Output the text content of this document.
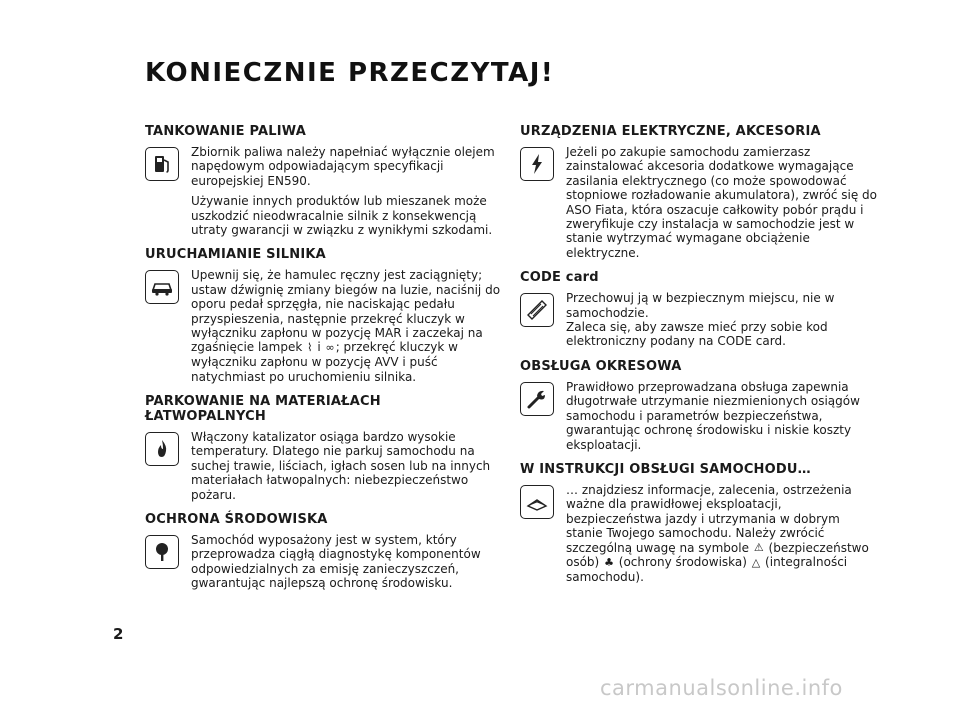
KONIECZNIE PRZECZYTAJ!
TANKOWANIE PALIWA

Zbiornik paliwa należy napełniać wyłącznie olejem napędowym odpowiadającym specyfikacji europejskiej EN590.

Używanie innych produktów lub mieszanek może uszkodzić nieodwracalnie silnik z konsekwencją utraty gwarancji w związku z wynikłymi szkodami.

URUCHAMIANIE SILNIKA

Upewnij się, że hamulec ręczny jest zaciągnięty; ustaw dźwignię zmiany biegów na luzie, naciśnij do oporu pedał sprzęgła, nie naciskając pedału przyspieszenia, następnie przekręć kluczyk w wyłączniku zapłonu w pozycję MAR i zaczekaj na zgaśnięcie lampek ⌇ i ∞; przekręć kluczyk w wyłączniku zapłonu w pozycję AVV i puść natychmiast po uruchomieniu silnika.

PARKOWANIE NA MATERIAŁACH ŁATWOPALNYCH

Włączony katalizator osiąga bardzo wysokie temperatury. Dlatego nie parkuj samochodu na suchej trawie, liściach, igłach sosen lub na innych materiałach łatwopalnych: niebezpieczeństwo pożaru.

OCHRONA ŚRODOWISKA

Samochód wyposażony jest w system, który przeprowadza ciągłą diagnostykę komponentów odpowiedzialnych za emisję zanieczyszczeń, gwarantując najlepszą ochronę środowisku.

URZĄDZENIA ELEKTRYCZNE, AKCESORIA

Jeżeli po zakupie samochodu zamierzasz zainstalować akcesoria dodatkowe wymagające zasilania elektrycznego (co może spowodować stopniowe rozładowanie akumulatora), zwróć się do ASO Fiata, która oszacuje całkowity pobór prądu i zweryfikuje czy instalacja w samochodzie jest w stanie wytrzymać wymagane obciążenie elektryczne.

CODE card

Przechowuj ją w bezpiecznym miejscu, nie w samochodzie.

Zaleca się, aby zawsze mieć przy sobie kod elektroniczny podany na CODE card.

OBSŁUGA OKRESOWA

Prawidłowo przeprowadzana obsługa zapewnia długotrwałe utrzymanie niezmienionych osiągów samochodu i parametrów bezpieczeństwa, gwarantując ochronę środowisku i niskie koszty eksploatacji.

W INSTRUKCJI OBSŁUGI SAMOCHODU…

… znajdziesz informacje, zalecenia, ostrzeżenia ważne dla prawidłowej eksploatacji, bezpieczeństwa jazdy i utrzymania w dobrym stanie Twojego samochodu. Należy zwrócić szczególną uwagę na symbole ⚠ (bezpieczeństwo osób) ♣ (ochrony środowiska) △ (integralności samochodu).

2
carmanualsonline.info
